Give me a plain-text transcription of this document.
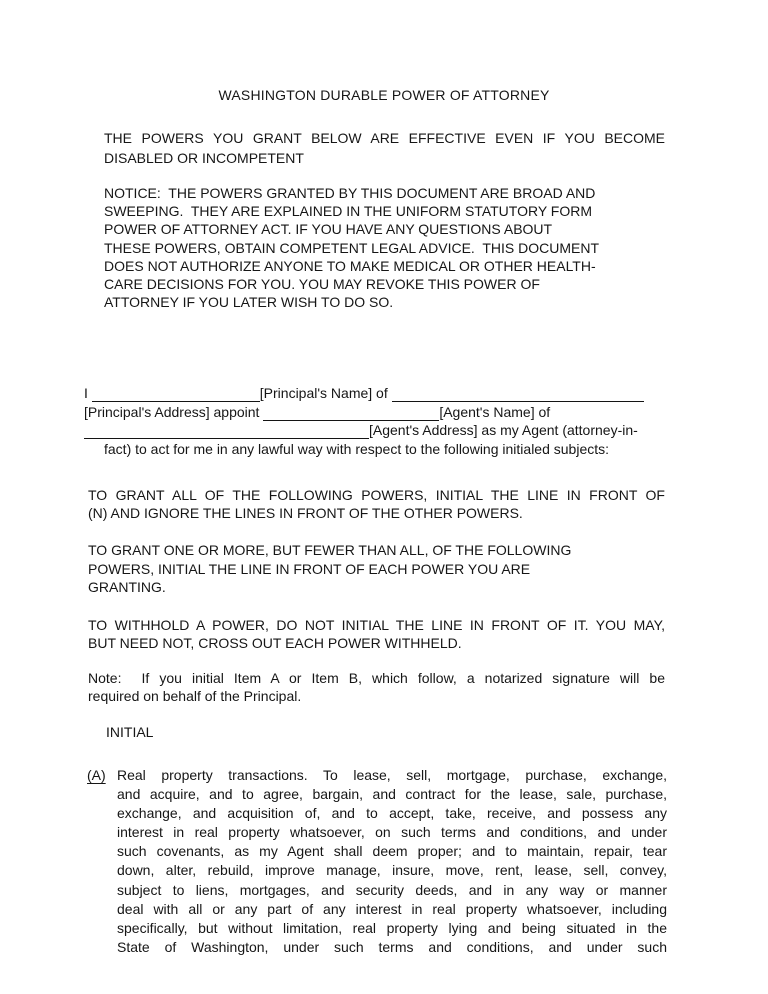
WASHINGTON DURABLE POWER OF ATTORNEY
THE POWERS YOU GRANT BELOW ARE EFFECTIVE EVEN IF YOU BECOME
DISABLED OR INCOMPETENT
NOTICE:  THE POWERS GRANTED BY THIS DOCUMENT ARE BROAD AND
SWEEPING.  THEY ARE EXPLAINED IN THE UNIFORM STATUTORY FORM
POWER OF ATTORNEY ACT. IF YOU HAVE ANY QUESTIONS ABOUT
THESE POWERS, OBTAIN COMPETENT LEGAL ADVICE.  THIS DOCUMENT
DOES NOT AUTHORIZE ANYONE TO MAKE MEDICAL OR OTHER HEALTH-
CARE DECISIONS FOR YOU. YOU MAY REVOKE THIS POWER OF
ATTORNEY IF YOU LATER WISH TO DO SO.
I	[Principal's Name] of
[Principal's Address] appoint	[Agent's Name] of
[Agent's Address] as my Agent (attorney-in-
fact) to act for me in any lawful way with respect to the following initialed subjects:
TO GRANT ALL OF THE FOLLOWING POWERS, INITIAL THE LINE IN FRONT OF
(N) AND IGNORE THE LINES IN FRONT OF THE OTHER POWERS.
TO GRANT ONE OR MORE, BUT FEWER THAN ALL, OF THE FOLLOWING
POWERS, INITIAL THE LINE IN FRONT OF EACH POWER YOU ARE
GRANTING.
TO WITHHOLD A POWER, DO NOT INITIAL THE LINE IN FRONT OF IT. YOU MAY,
BUT NEED NOT, CROSS OUT EACH POWER WITHHELD.
Note:  If you initial Item A or Item B, which follow, a notarized signature will be
required on behalf of the Principal.
INITIAL
(A) Real property transactions. To lease, sell, mortgage, purchase, exchange,
and acquire, and to agree, bargain, and contract for the lease, sale, purchase,
exchange, and acquisition of, and to accept, take, receive, and possess any
interest in real property whatsoever, on such terms and conditions, and under
such covenants, as my Agent shall deem proper; and to maintain, repair, tear
down, alter, rebuild, improve manage, insure, move, rent, lease, sell, convey,
subject to liens, mortgages, and security deeds, and in any way or manner
deal with all or any part of any interest in real property whatsoever, including
specifically, but without limitation, real property lying and being situated in the
State of Washington, under such terms and conditions, and under such
